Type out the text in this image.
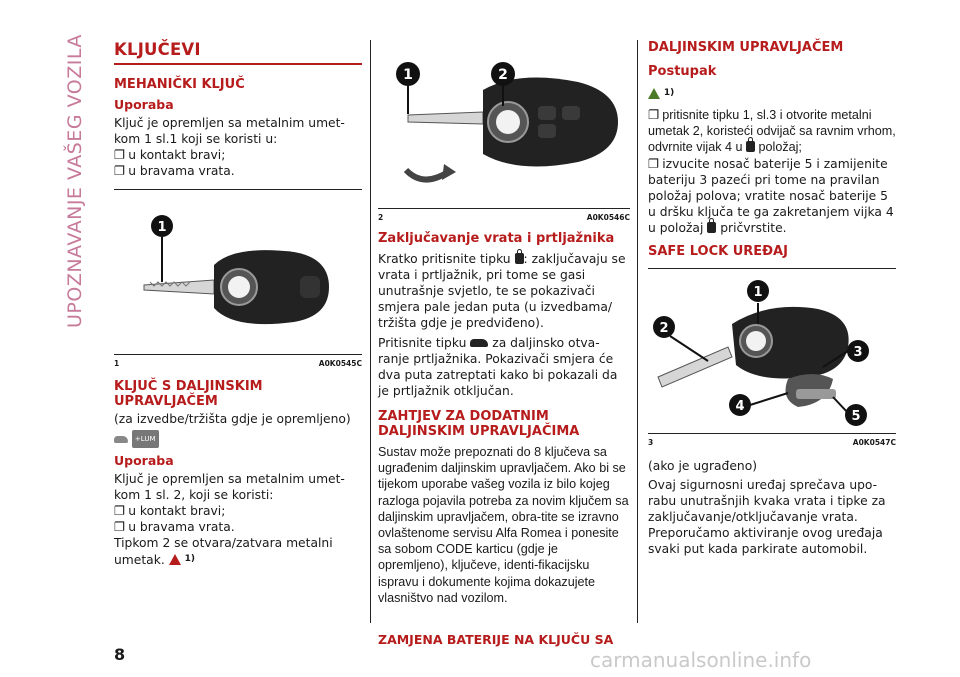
UPOZNAVANJE VAŠEG VOZILA KLJUČEVI
MEHANIČKI KLJUČ
Uporaba

Ključ je opremljen sa metalnim umet-kom 1 sl.1 koji se koristi u:

❐ u kontakt bravi;

❐ u bravama vrata.

1
1	A0K0545C
KLJUČ S DALJINSKIM UPRAVLJAČEM

(za izvedbe/tržišta gdje je opremljeno)

+LUM

Uporaba

Ključ je opremljen sa metalnim umet-kom 1 sl. 2, koji se koristi:

❐ u kontakt bravi;

❐ u bravama vrata.

Tipkom 2 se otvara/zatvara metalni umetak. $^{1)}$

1	2
2	A0K0546C
Zaključavanje vrata i prtljažnika

Kratko pritisnite tipku : zaključavaju se vrata i prtljažnik, pri tome se gasi unutrašnje svjetlo, te se pokazivači smjera pale jedan puta (u izvedbama/ tržišta gdje je predviđeno).

Pritisnite tipku za daljinsko otva-ranje prtljažnika. Pokazivači smjera će dva puta zatreptati kako bi pokazali da je prtljažnik otključan.

ZAHTJEV ZA DODATNIM DALJINSKIM UPRAVLJAČIMA

Sustav može prepoznati do 8 ključeva sa ugrađenim daljinskim upravljačem. Ako bi se tijekom uporabe vašeg vozila iz bilo kojeg razloga pojavila potreba za novim ključem sa daljinskim upravljačem, obra-tite se izravno ovlaštenome servisu Alfa Romea i ponesite sa sobom CODE karticu (gdje je opremljeno), ključeve, identi-fikacijsku ispravu i dokumente kojima dokazujete vlasništvo nad vozilom.

ZAMJENA BATERIJE NA KLJUČU SA
DALJINSKIM UPRAVLJAČEM
Postupak

$^{1)}$

❐ pritisnite tipku 1, sl.3 i otvorite metalni umetak 2, koristeći odvijač sa ravnim vrhom, odvrnite vijak 4 u položaj;

❐ izvucite nosač baterije 5 i zamijenite bateriju 3 pazeći pri tome na pravilan položaj polova; vratite nosač baterije 5 u dršku ključa te ga zakretanjem vijka 4 u položaj pričvrstite.

SAFE LOCK UREĐAJ
1
2
3
4
5
3	A0K0547C

(ako je ugrađeno)

Ovaj sigurnosni uređaj sprečava upo-rabu unutrašnjih kvaka vrata i tipke za zaključavanje/otključavanje vrata. Preporučamo aktiviranje ovog uređaja svaki put kada parkirate automobil.

8	carmanualsonline.info
